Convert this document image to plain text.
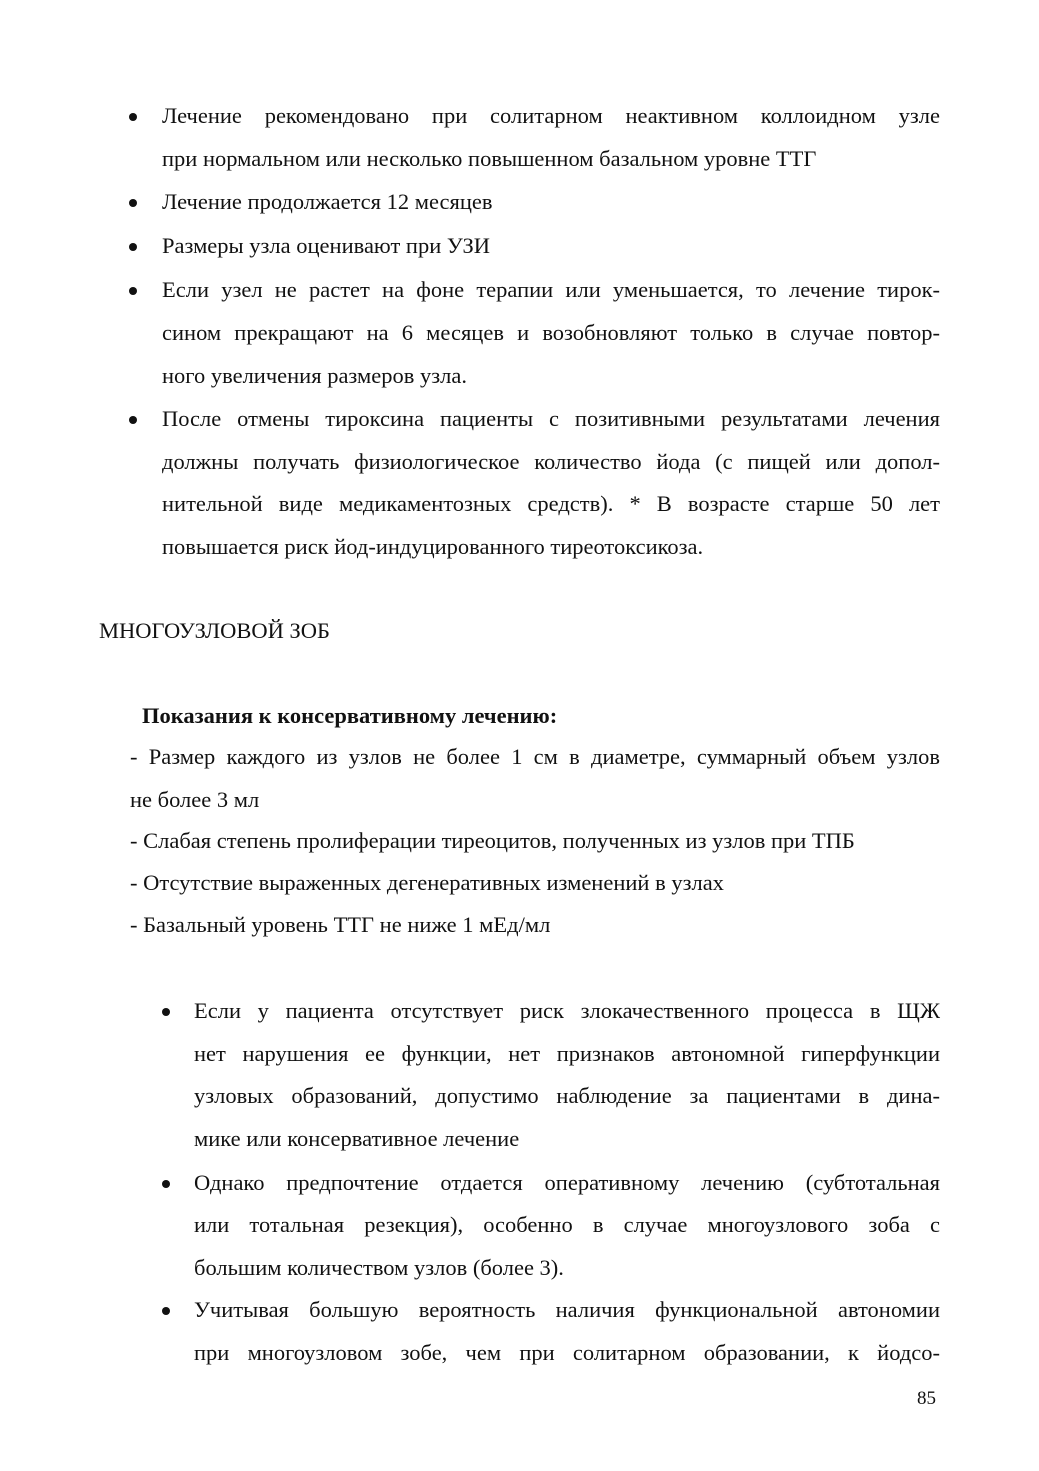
Лечение рекомендовано при солитарном неактивном коллоидном узле
при нормальном или несколько повышенном базальном уровне ТТГ
Лечение продолжается 12 месяцев
Размеры узла оценивают при УЗИ
Если узел не растет на фоне терапии или уменьшается, то лечение тирок-
сином прекращают на 6 месяцев и возобновляют только в случае повтор-
ного увеличения размеров узла.
После отмены тироксина пациенты с позитивными результатами лечения
должны получать физиологическое количество йода (с пищей или допол-
нительной виде медикаментозных средств). * В возрасте старше 50 лет
повышается риск йод-индуцированного тиреотоксикоза.
МНОГОУЗЛОВОЙ ЗОБ
Показания к консервативному лечению:
- Размер каждого из узлов не более 1 см в диаметре, суммарный объем узлов
не более 3 мл
- Слабая степень пролиферации тиреоцитов, полученных из узлов при ТПБ
- Отсутствие выраженных дегенеративных изменений в узлах
- Базальный уровень ТТГ не ниже 1 мЕд/мл
Если у пациента отсутствует риск злокачественного процесса в ЩЖ
нет нарушения ее функции, нет признаков автономной гиперфункции
узловых образований, допустимо наблюдение за пациентами в дина-
мике или консервативное лечение
Однако предпочтение отдается оперативному лечению (субтотальная
или тотальная резекция), особенно в случае многоузлового зоба с
большим количеством узлов (более 3).
Учитывая большую вероятность наличия функциональной автономии
при многоузловом зобе, чем при солитарном образовании, к йодсо-
85
